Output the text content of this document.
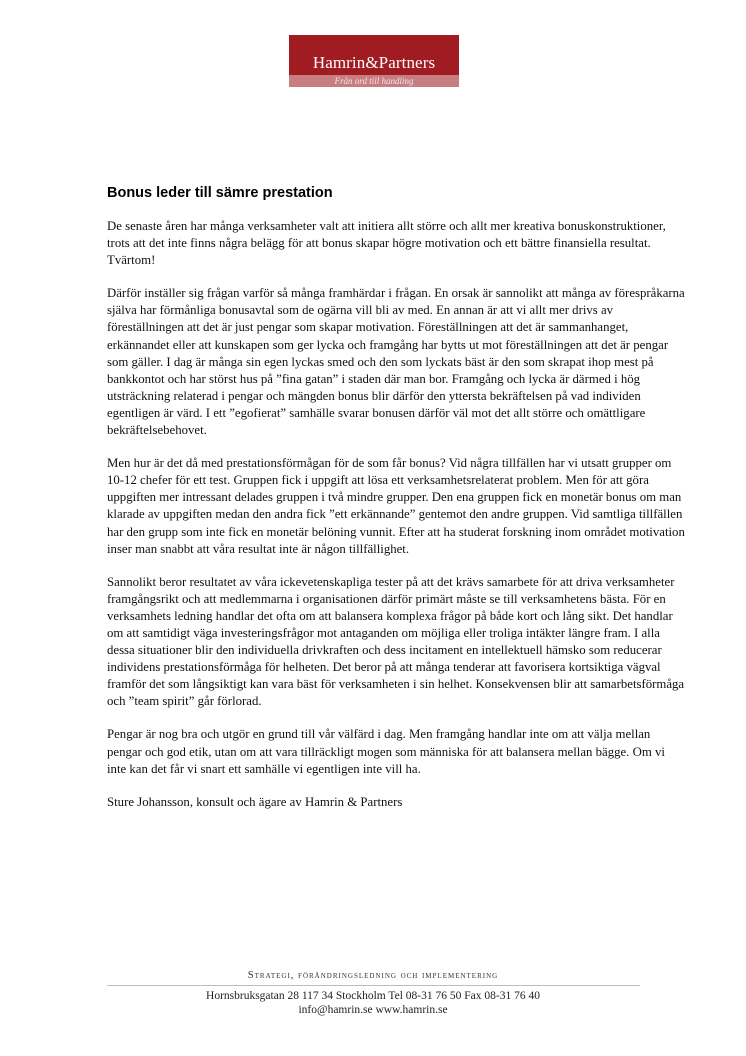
Hamrin&Partners
Från ord till handling
Bonus leder till sämre prestation

De senaste åren har många verksamheter valt att initiera allt större och allt mer kreativa bonuskonstruktioner, trots att det inte finns några belägg för att bonus skapar högre motivation och ett bättre finansiella resultat. Tvärtom!

Därför inställer sig frågan varför så många framhärdar i frågan. En orsak är sannolikt att många av förespråkarna själva har förmånliga bonusavtal som de ogärna vill bli av med. En annan är att vi allt mer drivs av föreställningen att det är just pengar som skapar motivation. Föreställningen att det är sammanhanget, erkännandet eller att kunskapen som ger lycka och framgång har bytts ut mot föreställningen att det är pengar som gäller. I dag är många sin egen lyckas smed och den som lyckats bäst är den som skrapat ihop mest på bankkontot och har störst hus på ”fina gatan” i staden där man bor. Framgång och lycka är därmed i hög utsträckning relaterad i pengar och mängden bonus blir därför den yttersta bekräftelsen på vad individen egentligen är värd. I ett ”egofierat” samhälle svarar bonusen därför väl mot det allt större och omättligare bekräftelsebehovet.

Men hur är det då med prestationsförmågan för de som får bonus? Vid några tillfällen har vi utsatt grupper om 10-12 chefer för ett test. Gruppen fick i uppgift att lösa ett verksamhetsrelaterat problem. Men för att göra uppgiften mer intressant delades gruppen i två mindre grupper. Den ena gruppen fick en monetär bonus om man klarade av uppgiften medan den andra fick ”ett erkännande” gentemot den andre gruppen. Vid samtliga tillfällen har den grupp som inte fick en monetär belöning vunnit. Efter att ha studerat forskning inom området motivation inser man snabbt att våra resultat inte är någon tillfällighet.

Sannolikt beror resultatet av våra ickevetenskapliga tester på att det krävs samarbete för att driva verksamheter framgångsrikt och att medlemmarna i organisationen därför primärt måste se till verksamhetens bästa. För en verksamhets ledning handlar det ofta om att balansera komplexa frågor på både kort och lång sikt. Det handlar om att samtidigt väga investeringsfrågor mot antaganden om möjliga eller troliga intäkter längre fram. I alla dessa situationer blir den individuella drivkraften och dess incitament en intellektuell hämsko som reducerar individens prestationsförmåga för helheten. Det beror på att många tenderar att favorisera kortsiktiga vägval framför det som långsiktigt kan vara bäst för verksamheten i sin helhet. Konsekvensen blir att samarbetsförmåga och ”team spirit” går förlorad.

Pengar är nog bra och utgör en grund till vår välfärd i dag. Men framgång handlar inte om att välja mellan pengar och god etik, utan om att vara tillräckligt mogen som människa för att balansera mellan bägge. Om vi inte kan det får vi snart ett samhälle vi egentligen inte vill ha.

Sture Johansson, konsult och ägare av Hamrin & Partners

Strategi, förändringsledning och implementering
Hornsbruksgatan 28 117 34 Stockholm Tel 08-31 76 50 Fax 08-31 76 40
info@hamrin.se www.hamrin.se
